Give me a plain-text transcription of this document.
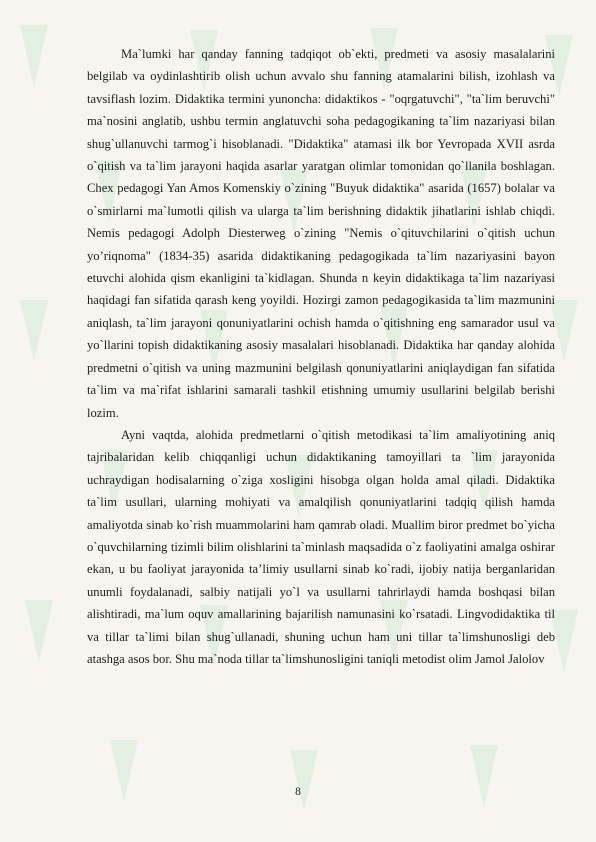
Ma`lumki har qanday fanning tadqiqot ob`ekti, predmeti va asosiy masalalarini belgilab va oydinlashtirib olish uchun avvalo shu fanning atamalarini bilish, izohlash va tavsiflash lozim. Didaktika termini yunoncha: didaktikos - "oqrgatuvchi", "ta`lim beruvchi" ma`nosini anglatib, ushbu termin anglatuvchi soha pedagogikaning ta`lim nazariyasi bilan shug`ullanuvchi tarmog`i hisoblanadi. "Didaktika" atamasi ilk bor Yevropada XVII asrda o`qitish va ta`lim jarayoni haqida asarlar yaratgan olimlar tomonidan qo`llanila boshlagan. Chex pedagogi Yan Amos Komenskiy o`zining "Buyuk didaktika" asarida (1657) bolalar va o`smirlarni ma`lumotli qilish va ularga ta`lim berishning didaktik jihatlarini ishlab chiqdi. Nemis pedagogi Adolph Diesterweg o`zining "Nemis o`qituvchilarini o`qitish uchun yo’riqnoma" (1834-35) asarida didaktikaning pedagogikada ta`lim nazariyasini bayon etuvchi alohida qism ekanligini ta`kidlagan. Shunda n keyin didaktikaga ta`lim nazariyasi haqidagi fan sifatida qarash keng yoyildi. Hozirgi zamon pedagogikasida ta`lim mazmunini aniqlash, ta`lim jarayoni qonuniyatlarini ochish hamda o`qitishning eng samarador usul va yo`llarini topish didaktikaning asosiy masalalari hisoblanadi. Didaktika har qanday alohida predmetni o`qitish va uning mazmunini belgilash qonuniyatlarini aniqlaydigan fan sifatida ta`lim va ma`rifat ishlarini samarali tashkil etishning umumiy usullarini belgilab berishi lozim.

Ayni vaqtda, alohida predmetlarni o`qitish metodikasi ta`lim amaliyotining aniq tajribalaridan kelib chiqqanligi uchun didaktikaning tamoyillari ta `lim jarayonida uchraydigan hodisalarning o`ziga xosligini hisobga olgan holda amal qiladi. Didaktika ta`lim usullari, ularning mohiyati va amalqilish qonuniyatlarini tadqiq qilish hamda amaliyotda sinab ko`rish muammolarini ham qamrab oladi. Muallim biror predmet bo`yicha o`quvchilarning tizimli bilim olishlarini ta`minlash maqsadida o`z faoliyatini amalga oshirar ekan, u bu faoliyat jarayonida ta’limiy usullarni sinab ko`radi, ijobiy natija berganlaridan unumli foydalanadi, salbiy natijali yo`l va usullarni tahrirlaydi hamda boshqasi bilan alishtiradi, ma`lum oquv amallarining bajarilish namunasini ko`rsatadi. Lingvodidaktika til va tillar ta`limi bilan shug`ullanadi, shuning uchun ham uni tillar ta`limshunosligi deb atashga asos bor. Shu ma`noda tillar ta`limshunosligini taniqli metodist olim Jamol Jalolov

8
